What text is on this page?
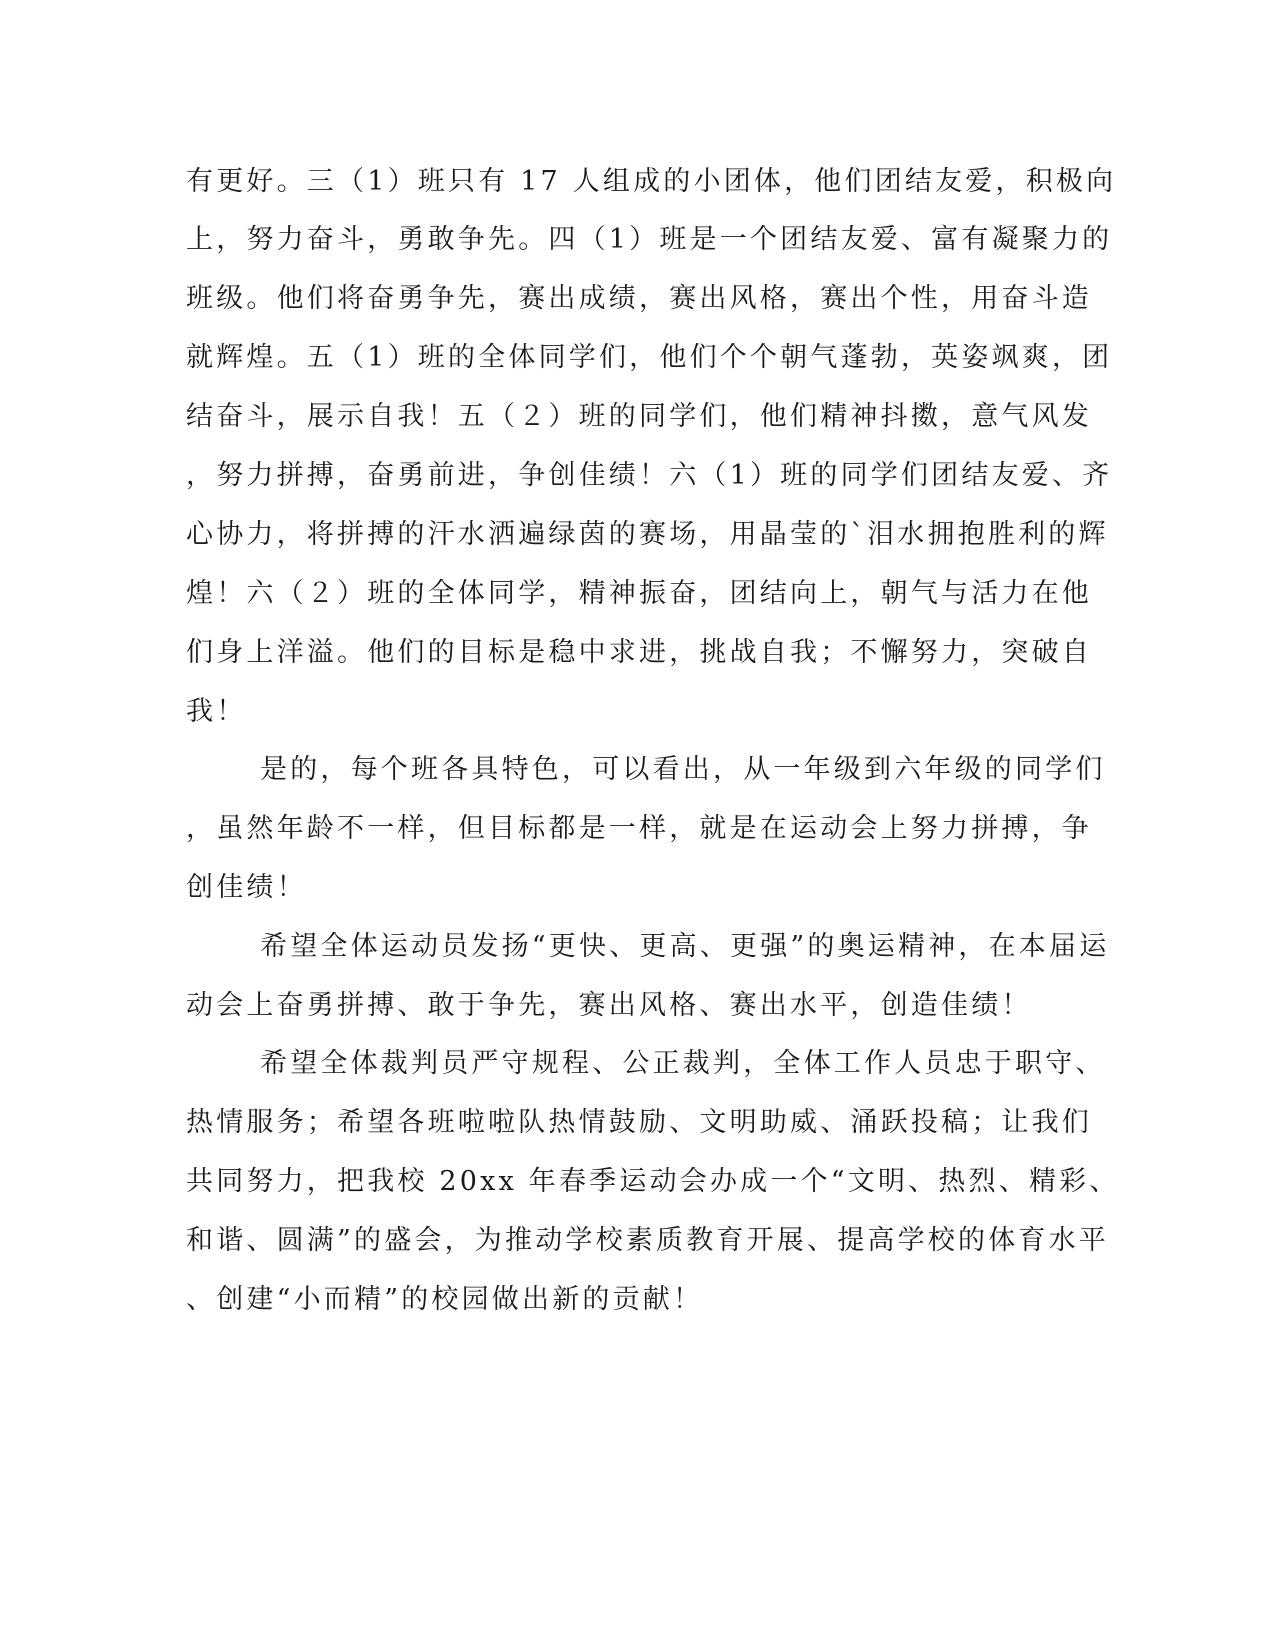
有更好。三（1）班只有 17 人组成的小团体，他们团结友爱，积极向
上，努力奋斗，勇敢争先。四（1）班是一个团结友爱、富有凝聚力的
班级。他们将奋勇争先，赛出成绩，赛出风格，赛出个性，用奋斗造
就辉煌。五（1）班的全体同学们，他们个个朝气蓬勃，英姿飒爽，团
结奋斗，展示自我！五（２）班的同学们，他们精神抖擞，意气风发
，努力拼搏，奋勇前进，争创佳绩！六（1）班的同学们团结友爱、齐
心协力，将拼搏的汗水洒遍绿茵的赛场，用晶莹的`泪水拥抱胜利的辉
煌！六（２）班的全体同学，精神振奋，团结向上，朝气与活力在他
们身上洋溢。他们的目标是稳中求进，挑战自我；不懈努力，突破自
我！
是的，每个班各具特色，可以看出，从一年级到六年级的同学们
，虽然年龄不一样，但目标都是一样，就是在运动会上努力拼搏，争
创佳绩！
希望全体运动员发扬“更快、更高、更强”的奥运精神，在本届运
动会上奋勇拼搏、敢于争先，赛出风格、赛出水平，创造佳绩！
希望全体裁判员严守规程、公正裁判，全体工作人员忠于职守、
热情服务；希望各班啦啦队热情鼓励、文明助威、涌跃投稿；让我们
共同努力，把我校 20xx 年春季运动会办成一个“文明、热烈、精彩、
和谐、圆满”的盛会，为推动学校素质教育开展、提高学校的体育水平
、创建“小而精”的校园做出新的贡献！
